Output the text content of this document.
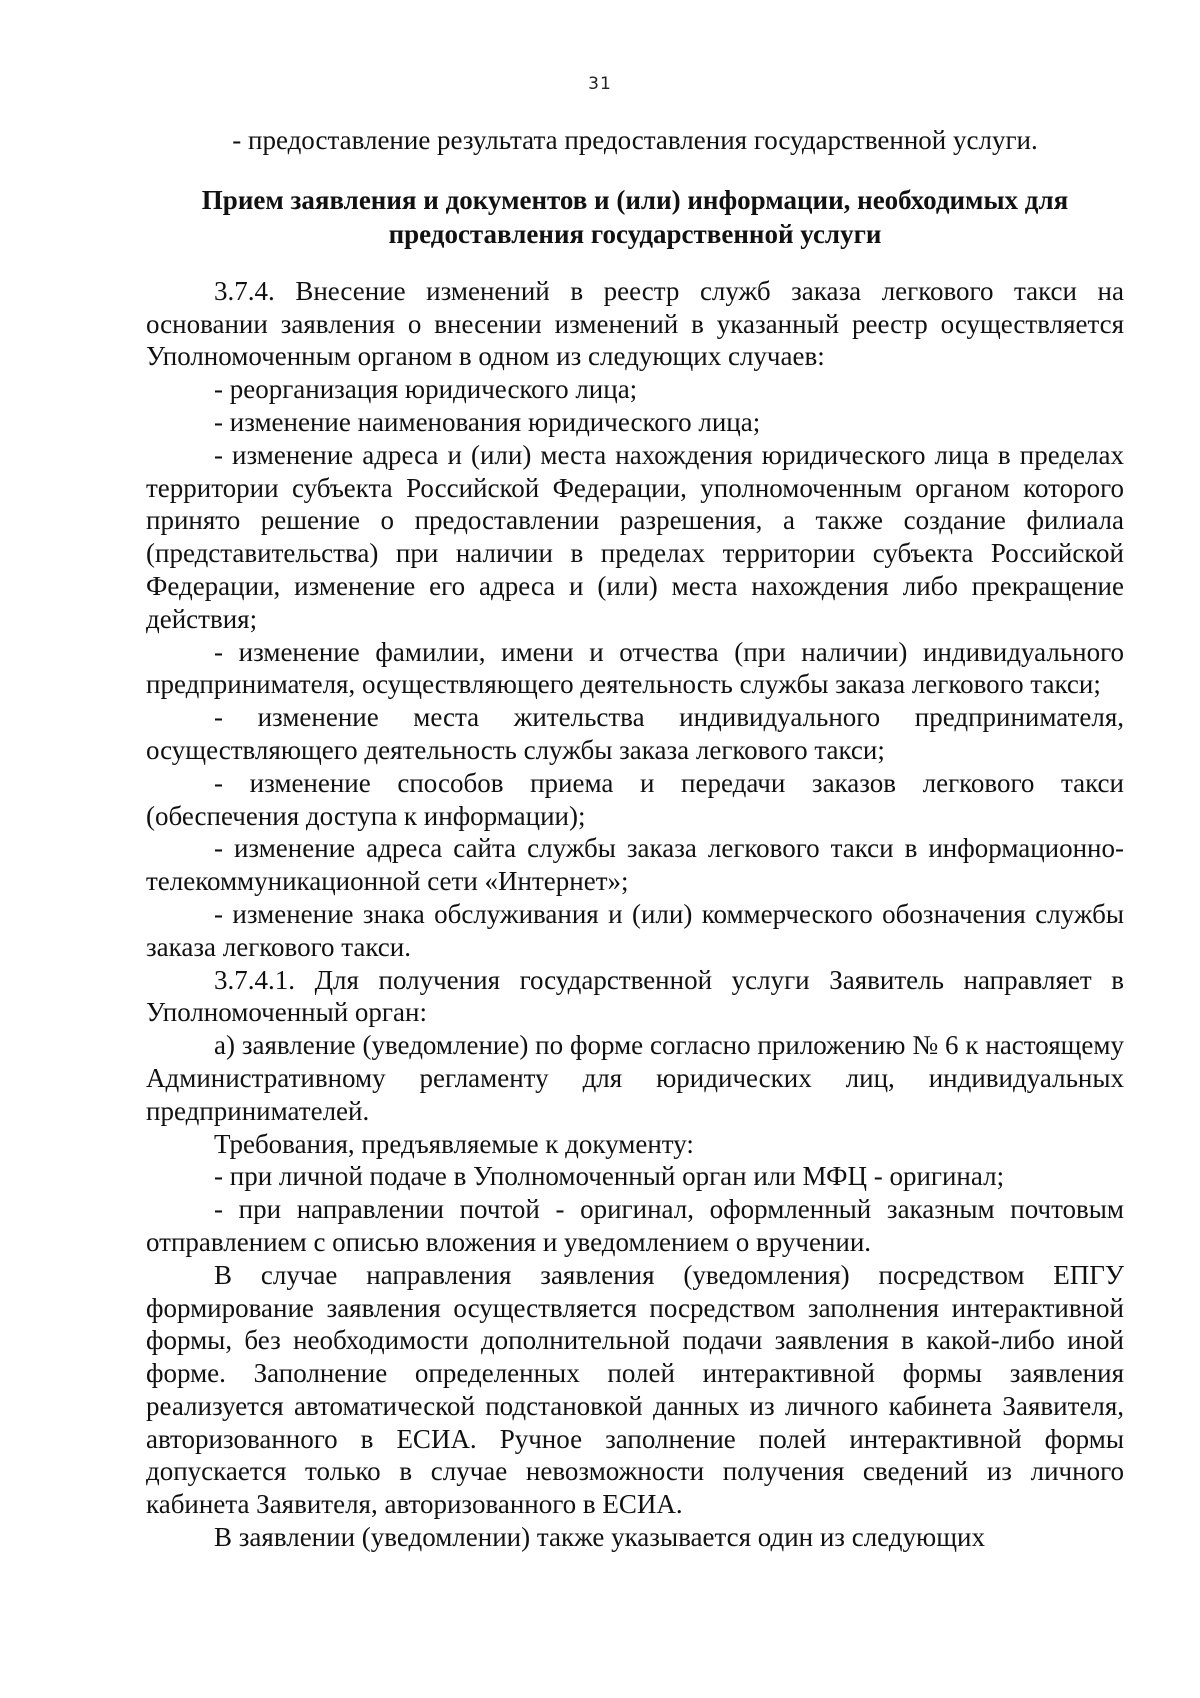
31
- предоставление результата предоставления государственной услуги.
Прием заявления и документов и (или) информации, необходимых для
предоставления государственной услуги

3.7.4. Внесение изменений в реестр служб заказа легкового такси на основании заявления о внесении изменений в указанный реестр осуществляется Уполномоченным органом в одном из следующих случаев:

- реорганизация юридического лица;

- изменение наименования юридического лица;

- изменение адреса и (или) места нахождения юридического лица в пределах территории субъекта Российской Федерации, уполномоченным органом которого принято решение о предоставлении разрешения, а также создание филиала (представительства) при наличии в пределах территории субъекта Российской Федерации, изменение его адреса и (или) места нахождения либо прекращение действия;

- изменение фамилии, имени и отчества (при наличии) индивидуального предпринимателя, осуществляющего деятельность службы заказа легкового такси;

- изменение места жительства индивидуального предпринимателя, осуществляющего деятельность службы заказа легкового такси;

- изменение способов приема и передачи заказов легкового такси (обеспечения доступа к информации);

- изменение адреса сайта службы заказа легкового такси в информационно-телекоммуникационной сети «Интернет»;

- изменение знака обслуживания и (или) коммерческого обозначения службы заказа легкового такси.

3.7.4.1. Для получения государственной услуги Заявитель направляет в Уполномоченный орган:

а) заявление (уведомление) по форме согласно приложению № 6 к настоящему Административному регламенту для юридических лиц, индивидуальных предпринимателей.

Требования, предъявляемые к документу:

- при личной подаче в Уполномоченный орган или МФЦ - оригинал;

- при направлении почтой - оригинал, оформленный заказным почтовым отправлением с описью вложения и уведомлением о вручении.

В случае направления заявления (уведомления) посредством ЕПГУ формирование заявления осуществляется посредством заполнения интерактивной формы, без необходимости дополнительной подачи заявления в какой-либо иной форме. Заполнение определенных полей интерактивной формы заявления реализуется автоматической подстановкой данных из личного кабинета Заявителя, авторизованного в ЕСИА. Ручное заполнение полей интерактивной формы допускается только в случае невозможности получения сведений из личного кабинета Заявителя, авторизованного в ЕСИА.

В заявлении (уведомлении) также указывается один из следующих
